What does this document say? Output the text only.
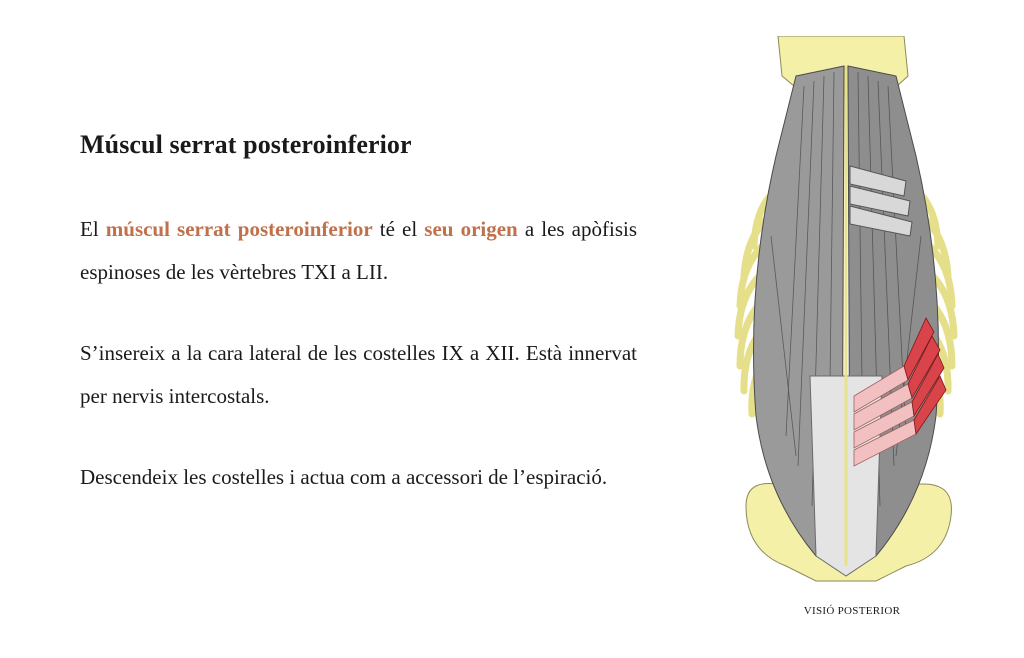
Múscul serrat posteroinferior

El múscul serrat posteroinferior té el seu origen a les apòfisis espinoses de les vèrtebres TXI a LII.

S’insereix a la cara lateral de les costelles IX a XII. Està innervat per nervis intercostals.

Descendeix les costelles i actua com a accessori de l’espiració.

VISIÓ POSTERIOR
